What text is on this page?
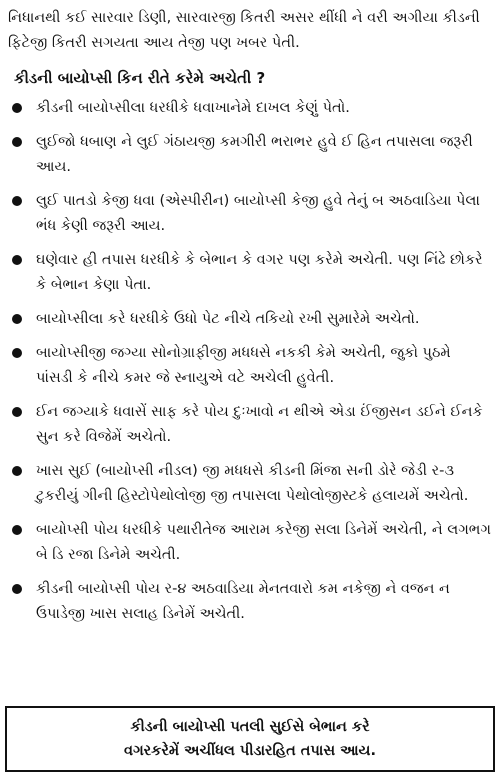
નિધાનથી કઈ સારવાર ડિણી, સારવારજી કિતરી અસર થીંધી ને વરી અગીયા કીડની ફિટેજી કિતરી સગયતા આય તેજી પણ ખબર પેતી.

કીડની બાયોપ્સી કિન રીતે કરેમે અચેતી ?
કીડની બાયોપ્સીલા ધરધીકે ધવાખાનેમે દાખલ કેણું પેતો.
લુઈજો ધબાણ ને લુઈ ગંઠાયજી કમગીરી ભરાભર હુવે ઈ હિન તપાસલા જરૂરી આય.
લુઈ પાતડો કેજી ધવા (એસ્પીરીન) બાયોપ્સી કેજી હુવે તેનું બ અઠવાડિયા પેલા ભંધ કેણી જરૂરી આય.
ઘણેવાર હી તપાસ ધરધીકે કે બેભાન કે વગર પણ કરેમે અચેતી. પણ નિંઢે છોકરે કે બેભાન કેણા પેતા.
બાયોપ્સીલા કરે ધરધીકે ઉધો પેટ નીચે તકિયો રખી સુમારેમે અચેતો.
બાયોપ્સીજી જગ્યા સોનોગ્રાફીજી મધધસે નકકી કેમે અચેતી, જુકો પુઠમે પાંસડી કે નીચે કમર જે સ્નાયુએ વટે અચેલી હુવેતી.
ઈન જગ્યાકે ધવાસેં સાફ કરે પોય દુઃખાવો ન થીએ એડા ઈંજીસન ડઈને ઈનકે સુન કરે વિજેમેં અચેતો.
ખાસ સુઈ (બાયોપ્સી નીડલ) જી મધધસે કીડની મિંજા સની ડોરે જેડી ર-૩ ટુકરીયું ગીની હિસ્ટોપેથોલોજી જી તપાસલા પેથોલોજીસ્ટકે હલાયમેં અચેતો.
બાયોપ્સી પોય ધરધીકે પથારીતેજ આરામ કરેજી સલા ડિનેમેં અચેતી, ને લગભગ બે ડિ રજા ડિનેમે અચેતી.
કીડની બાયોપ્સી પોય ર-૪ અઠવાડિયા મેનતવારો કમ નકેજી ને વજન ન ઉપાડેજી ખાસ સલાહ ડિનેમેં અચેતી.
કીડની બાયોપ્સી પતલી સુઈસે બેભાન કરે
વગરકરેમેં અચીંધલ પીડારહિત તપાસ આય.
